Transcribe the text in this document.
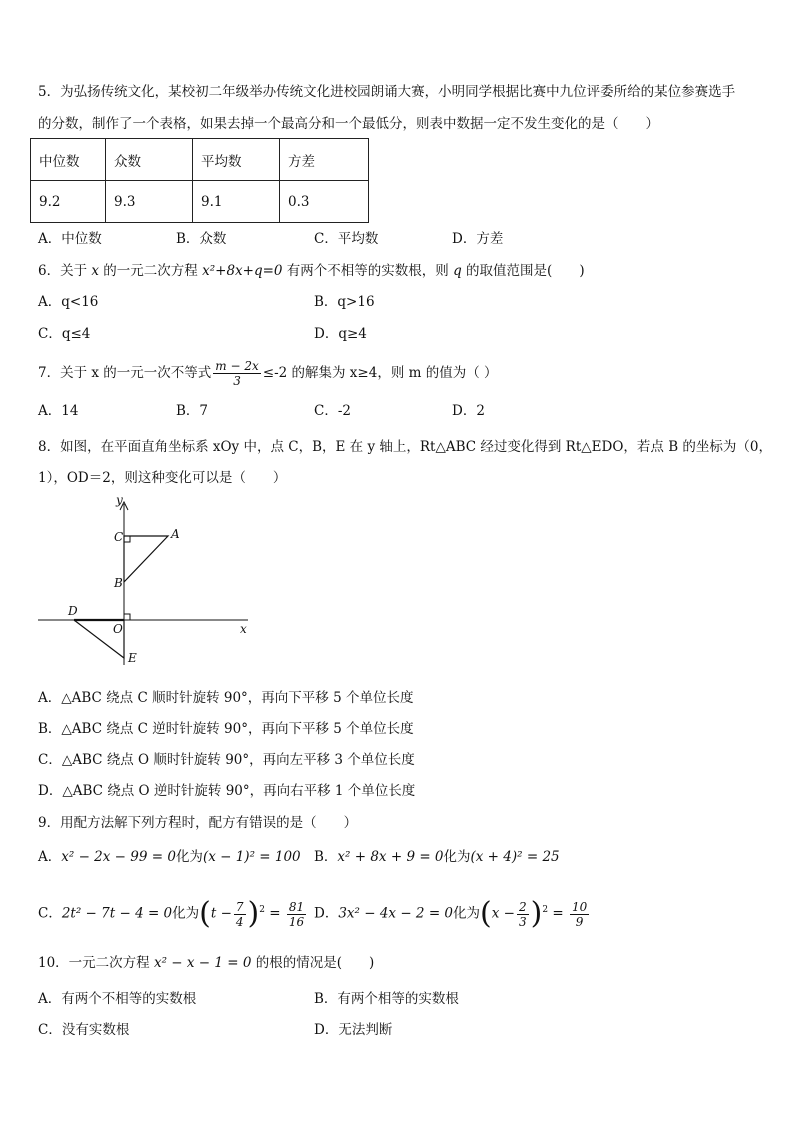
5．为弘扬传统文化，某校初二年级举办传统文化进校园朗诵大赛，小明同学根据比赛中九位评委所给的某位参赛选手
的分数，制作了一个表格，如果去掉一个最高分和一个最低分，则表中数据一定不发生变化的是（　　）
中位数	众数	平均数	方差
9.2	9.3	9.1	0.3
A．中位数	B．众数	C．平均数	D．方差
6．关于 x 的一元二次方程 x²+8x+q=0 有两个不相等的实数根，则 q 的取值范围是(　　)
A．q<16	B．q>16
C．q≤4	D．q≥4
7．关于 x 的一元一次不等式 $\frac{m - 2x}{3} \le-2$ 的解集为 x≥4，则 m 的值为（ ）
A．14	B．7	C．-2	D．2
8．如图，在平面直角坐标系 xOy 中，点 C，B，E 在 y 轴上，Rt△ABC 经过变化得到 Rt△EDO，若点 B 的坐标为（0，
1），OD＝2，则这种变化可以是（　　）
y
x
C	A
B
D
O
E
A．△ABC 绕点 C 顺时针旋转 90°，再向下平移 5 个单位长度
B．△ABC 绕点 C 逆时针旋转 90°，再向下平移 5 个单位长度
C．△ABC 绕点 O 顺时针旋转 90°，再向左平移 3 个单位长度
D．△ABC 绕点 O 逆时针旋转 90°，再向右平移 1 个单位长度
9．用配方法解下列方程时，配方有错误的是（　　）
A．x² − 2x − 99 = 0化为(x − 1)² = 100 B．x² + 8x + 9 = 0化为(x + 4)² = 25
C．2t² − 7t − 4 = 0化为$(t - \frac{7}{4} )^2 = \frac{81}{16}$ D．3x² − 4x − 2 = 0化为$(x - \frac{2}{3} )^2 = \frac{10}{9}$
10．一元二次方程 x² − x − 1 = 0 的根的情况是(　　)
A．有两个不相等的实数根	B．有两个相等的实数根
C．没有实数根	D．无法判断
